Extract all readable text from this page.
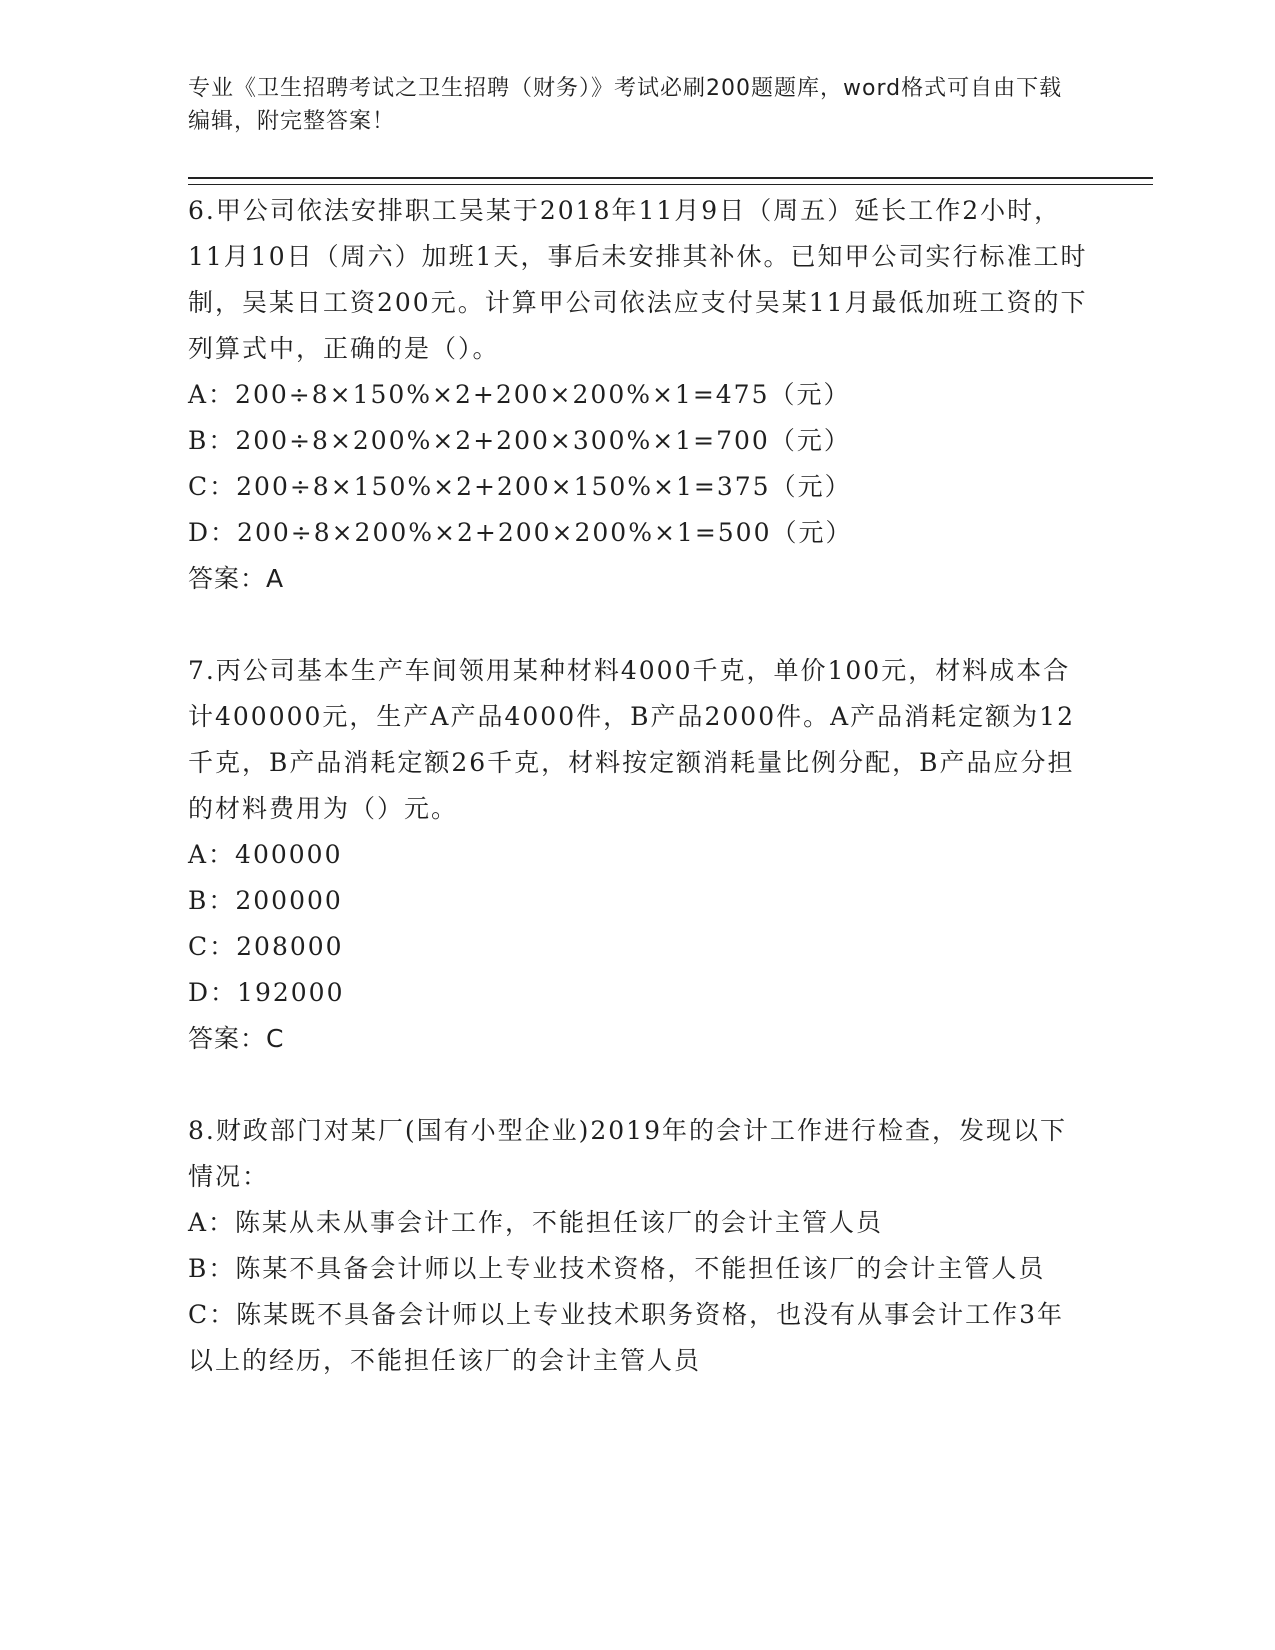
专业《卫生招聘考试之卫生招聘（财务）》考试必刷200题题库，word格式可自由下载编辑，附完整答案！
6.甲公司依法安排职工吴某于2018年11月9日（周五）延长工作2小时，11月10日（周六）加班1天，事后未安排其补休。已知甲公司实行标准工时制，吴某日工资200元。计算甲公司依法应支付吴某11月最低加班工资的下列算式中，正确的是（）。
A：200÷8×150%×2+200×200%×1=475（元）
B：200÷8×200%×2+200×300%×1=700（元）
C：200÷8×150%×2+200×150%×1=375（元）
D：200÷8×200%×2+200×200%×1=500（元）
答案：A
7.丙公司基本生产车间领用某种材料4000千克，单价100元，材料成本合计400000元，生产A产品4000件，B产品2000件。A产品消耗定额为12千克，B产品消耗定额26千克，材料按定额消耗量比例分配，B产品应分担的材料费用为（）元。
A：400000
B：200000
C：208000
D：192000
答案：C
8.财政部门对某厂(国有小型企业)2019年的会计工作进行检查，发现以下情况：
A：陈某从未从事会计工作，不能担任该厂的会计主管人员
B：陈某不具备会计师以上专业技术资格，不能担任该厂的会计主管人员
C：陈某既不具备会计师以上专业技术职务资格，也没有从事会计工作3年以上的经历，不能担任该厂的会计主管人员
